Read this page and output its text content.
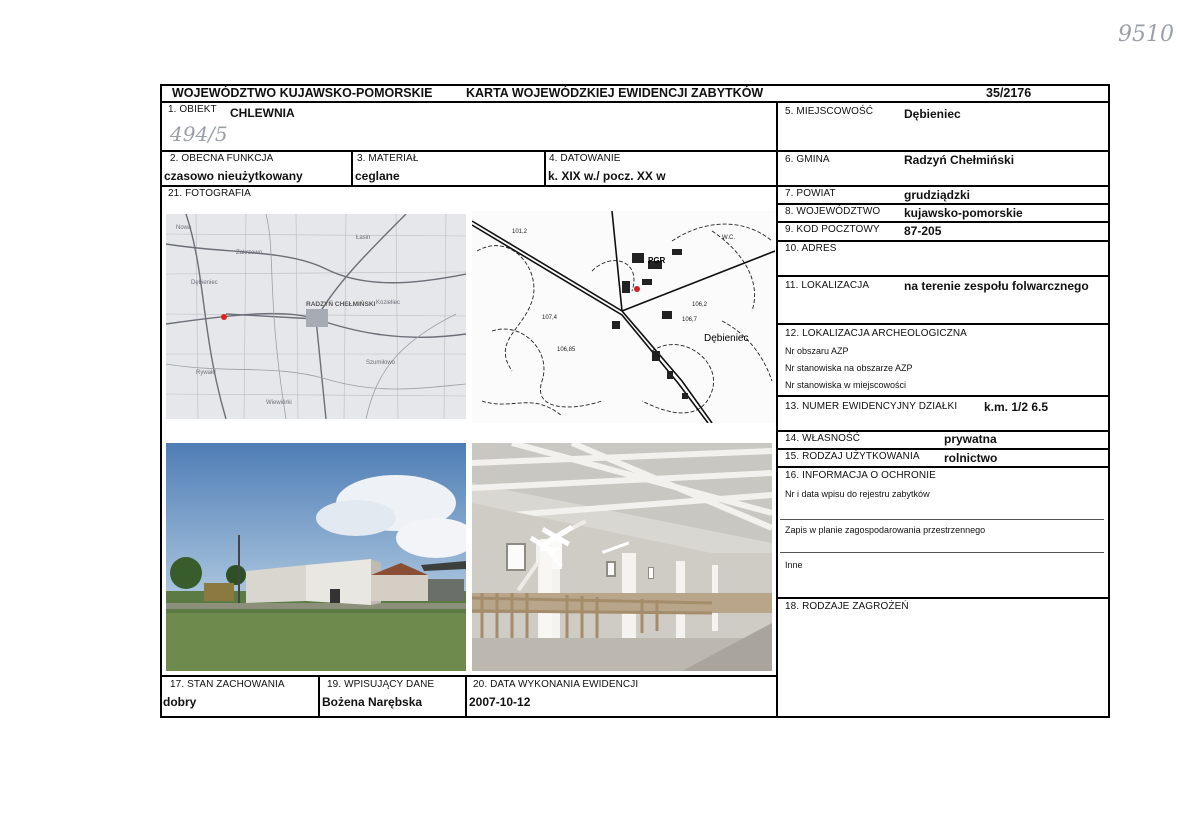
9510
WOJEWÓDZTWO KUJAWSKO-POMORSKIE	KARTA WOJEWÓDZKIEJ EWIDENCJI ZABYTKÓW	35/2176
1. OBIEKT CHLEWNIA
494/5
2. OBECNA FUNKCJA
czasowo nieużytkowany
3. MATERIAŁ
ceglane
4. DATOWANIE
k. XIX w./ pocz. XX w
21. FOTOGRAFIA
Nowa
Zakrzewo
Łasin
Dębieniec
Kozieliec
Rywałd
Szumiłowo
Wiewiórki
RADZYŃ CHEŁMIŃSKI
101,2
107,4
106,85
106,2
106,7
W.C.
PGR
Dębieniec
17. STAN ZACHOWANIA
dobry
19. WPISUJĄCY DANE
Bożena Narębska
20. DATA WYKONANIA EWIDENCJI
2007-10-12
5. MIEJSCOWOŚĆ	Dębieniec
6. GMINA	Radzyń Chełmiński
7. POWIAT	grudziądzki
8. WOJEWÓDZTWO kujawsko-pomorskie
9. KOD POCZTOWY 87-205
10. ADRES
11. LOKALIZACJA	na terenie zespołu folwarcznego
12. LOKALIZACJA ARCHEOLOGICZNA
Nr obszaru AZP
Nr stanowiska na obszarze AZP
Nr stanowiska w miejscowości
13. NUMER EWIDENCYJNY DZIAŁKI k.m. 1/2 6.5
14. WŁASNOŚĆ	prywatna
15. RODZAJ UŻYTKOWANIA rolnictwo
16. INFORMACJA O OCHRONIE
Nr i data wpisu do rejestru zabytków
Zapis w planie zagospodarowania przestrzennego
Inne
18. RODZAJE ZAGROŻEŃ
